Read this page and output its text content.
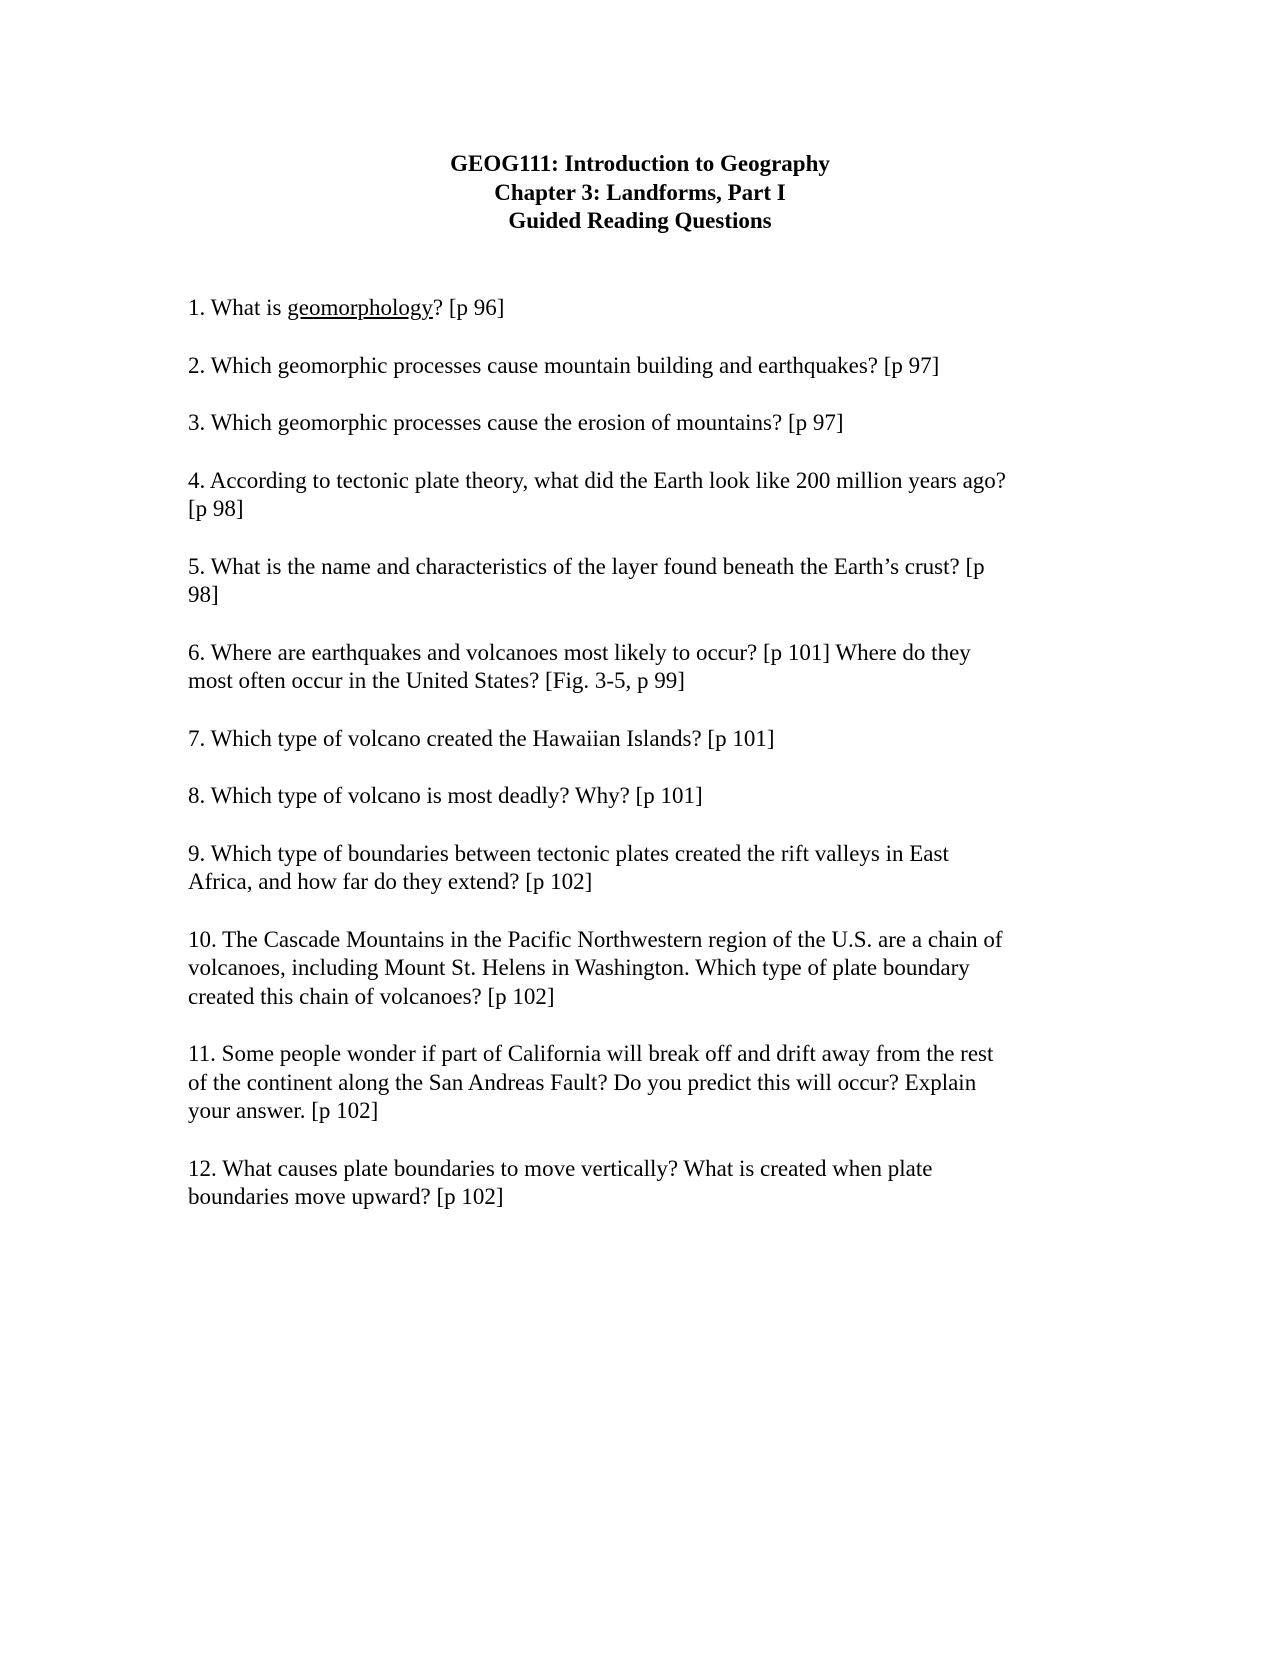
GEOG111: Introduction to Geography
Chapter 3: Landforms, Part I
Guided Reading Questions
1. What is geomorphology? [p 96]
2. Which geomorphic processes cause mountain building and earthquakes? [p 97]
3. Which geomorphic processes cause the erosion of mountains? [p 97]
4. According to tectonic plate theory, what did the Earth look like 200 million years ago?
[p 98]
5. What is the name and characteristics of the layer found beneath the Earth’s crust? [p
98]
6. Where are earthquakes and volcanoes most likely to occur? [p 101] Where do they
most often occur in the United States? [Fig. 3-5, p 99]
7. Which type of volcano created the Hawaiian Islands? [p 101]
8. Which type of volcano is most deadly? Why? [p 101]
9. Which type of boundaries between tectonic plates created the rift valleys in East
Africa, and how far do they extend? [p 102]
10. The Cascade Mountains in the Pacific Northwestern region of the U.S. are a chain of
volcanoes, including Mount St. Helens in Washington. Which type of plate boundary
created this chain of volcanoes? [p 102]
11. Some people wonder if part of California will break off and drift away from the rest
of the continent along the San Andreas Fault? Do you predict this will occur? Explain
your answer. [p 102]
12. What causes plate boundaries to move vertically? What is created when plate
boundaries move upward? [p 102]
